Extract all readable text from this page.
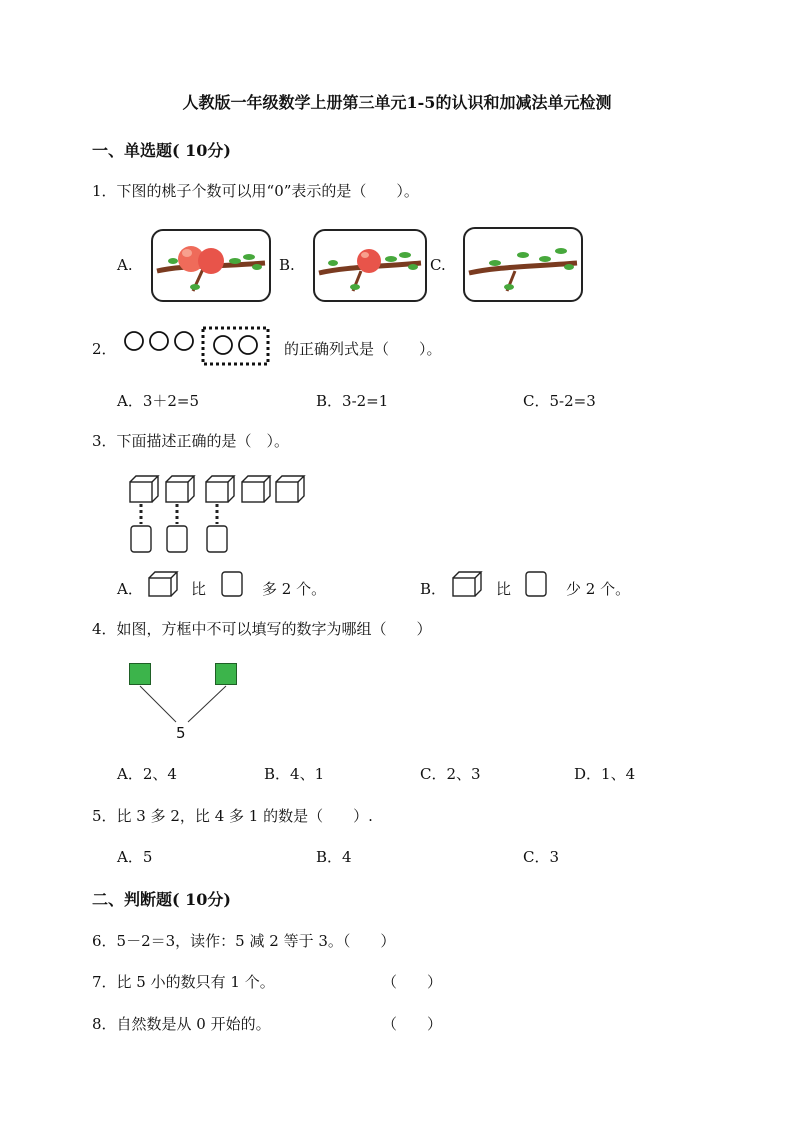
人教版一年级数学上册第三单元1-5的认识和加减法单元检测
一、单选题( 10分)
1．下图的桃子个数可以用“0”表示的是（　　）。
A.	B.	C.
2．	的正确列式是（　　）。
A．3＋2=5	B．3-2=1	C．5-2=3
3．下面描述正确的是（　）。
A．	比	多 2 个。	B．	比	少 2 个。
4．如图，方框中不可以填写的数字为哪组（　　）
5
A．2、4	B．4、1	C．2、3	D．1、4
5．比 3 多 2，比 4 多 1 的数是（　　）.
A．5	B．4	C．3
二、判断题( 10分)
6．5－2＝3，读作：5 减 2 等于 3。（　　）
7．比 5 小的数只有 1 个。	（　　）
8．自然数是从 0 开始的。	（　　）
